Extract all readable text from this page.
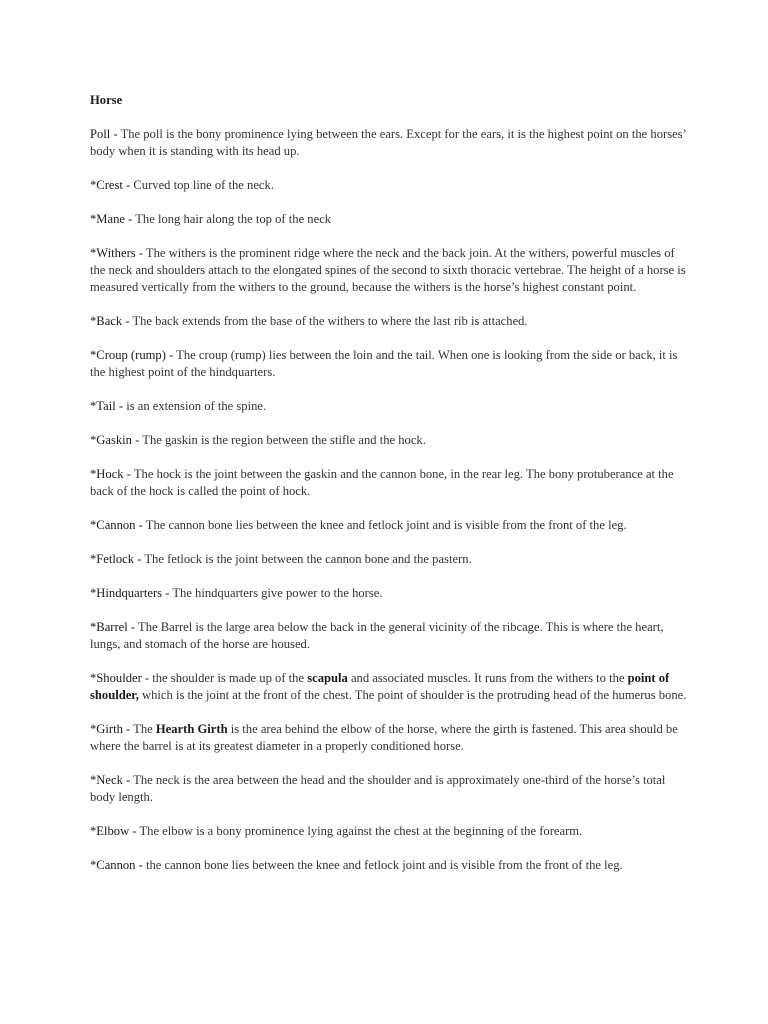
Horse
Poll - The poll is the bony prominence lying between the ears. Except for the ears, it is the highest point on the horses’ body when it is standing with its head up.
*Crest - Curved top line of the neck.
*Mane - The long hair along the top of the neck
*Withers - The withers is the prominent ridge where the neck and the back join. At the withers, powerful muscles of the neck and shoulders attach to the elongated spines of the second to sixth thoracic vertebrae. The height of a horse is measured vertically from the withers to the ground, because the withers is the horse’s highest constant point.
*Back - The back extends from the base of the withers to where the last rib is attached.
*Croup (rump) - The croup (rump) lies between the loin and the tail. When one is looking from the side or back, it is the highest point of the hindquarters.
*Tail - is an extension of the spine.
*Gaskin - The gaskin is the region between the stifle and the hock.
*Hock - The hock is the joint between the gaskin and the cannon bone, in the rear leg. The bony protuberance at the back of the hock is called the point of hock.
*Cannon - The cannon bone lies between the knee and fetlock joint and is visible from the front of the leg.
*Fetlock - The fetlock is the joint between the cannon bone and the pastern.
*Hindquarters - The hindquarters give power to the horse.
*Barrel - The Barrel is the large area below the back in the general vicinity of the ribcage. This is where the heart, lungs, and stomach of the horse are housed.
*Shoulder - the shoulder is made up of the scapula and associated muscles. It runs from the withers to the point of shoulder, which is the joint at the front of the chest. The point of shoulder is the protruding head of the humerus bone.
*Girth - The Hearth Girth is the area behind the elbow of the horse, where the girth is fastened. This area should be where the barrel is at its greatest diameter in a properly conditioned horse.
*Neck - The neck is the area between the head and the shoulder and is approximately one-third of the horse’s total body length.
*Elbow - The elbow is a bony prominence lying against the chest at the beginning of the forearm.
*Cannon - the cannon bone lies between the knee and fetlock joint and is visible from the front of the leg.
